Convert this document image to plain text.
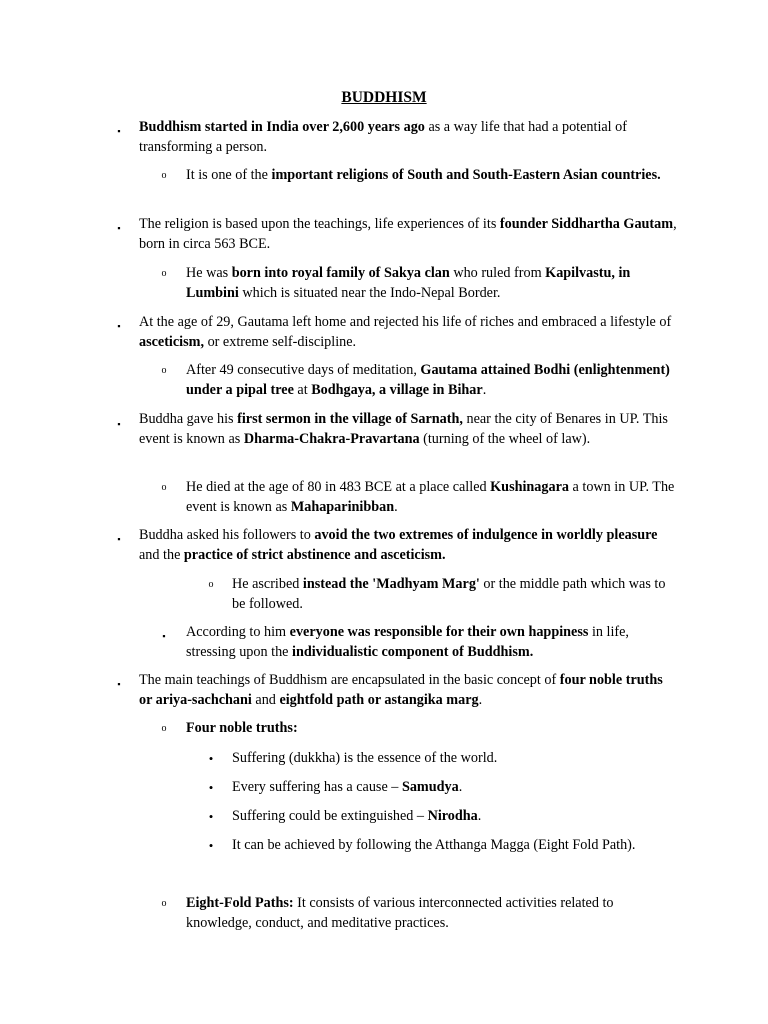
BUDDHISM
▪	Buddhism started in India over 2,600 years ago as a way life that had a potential of transforming a person.
o It is one of the important religions of South and South-Eastern Asian countries.
▪	The religion is based upon the teachings, life experiences of its founder Siddhartha Gautam, born in circa 563 BCE.
o He was born into royal family of Sakya clan who ruled from Kapilvastu, in Lumbini which is situated near the Indo-Nepal Border.
▪	At the age of 29, Gautama left home and rejected his life of riches and embraced a lifestyle of asceticism, or extreme self-discipline.
o After 49 consecutive days of meditation, Gautama attained Bodhi (enlightenment) under a pipal tree at Bodhgaya, a village in Bihar.
▪	Buddha gave his first sermon in the village of Sarnath, near the city of Benares in UP. This event is known as Dharma-Chakra-Pravartana (turning of the wheel of law).
o He died at the age of 80 in 483 BCE at a place called Kushinagara a town in UP. The event is known as Mahaparinibban.
▪	Buddha asked his followers to avoid the two extremes of indulgence in worldly pleasure and the practice of strict abstinence and asceticism.
o He ascribed instead the 'Madhyam Marg' or the middle path which was to be followed.
▪	According to him everyone was responsible for their own happiness in life, stressing upon the individualistic component of Buddhism.
▪	The main teachings of Buddhism are encapsulated in the basic concept of four noble truths or ariya-sachchani and eightfold path or astangika marg.
o Four noble truths:
• Suffering (dukkha) is the essence of the world.
• Every suffering has a cause – Samudya.
• Suffering could be extinguished – Nirodha.
• It can be achieved by following the Atthanga Magga (Eight Fold Path).
o Eight-Fold Paths: It consists of various interconnected activities related to knowledge, conduct, and meditative practices.
